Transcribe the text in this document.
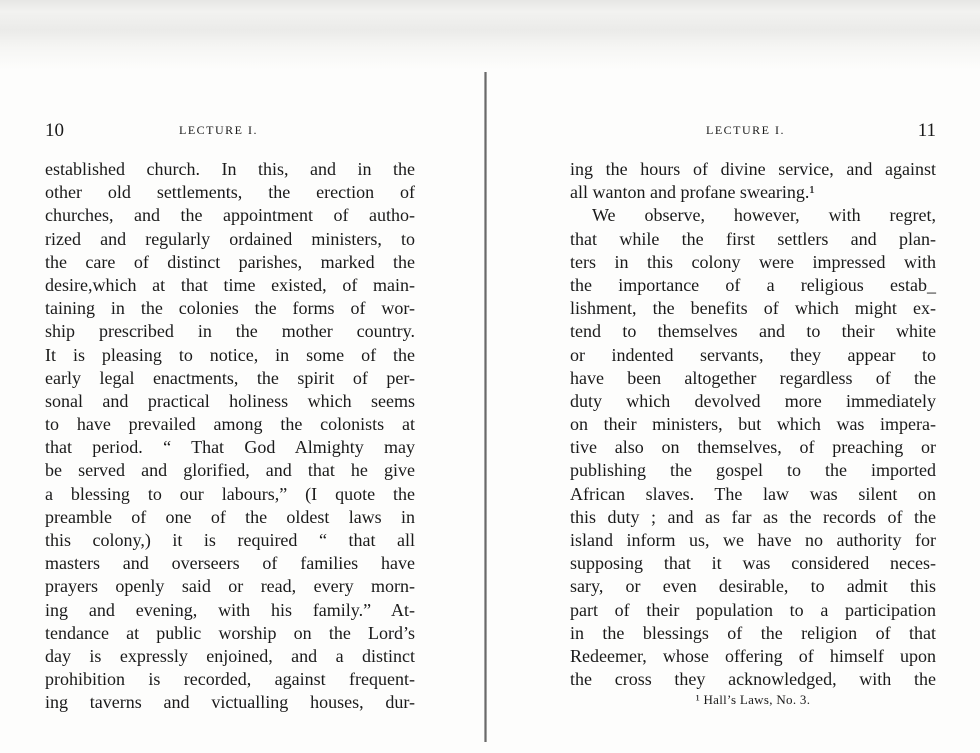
10	LECTURE I.
established church. In this, and in the
other old settlements, the erection of
churches, and the appointment of autho-
rized and regularly ordained ministers, to
the care of distinct parishes, marked the
desire,which at that time existed, of main-
taining in the colonies the forms of wor-
ship prescribed in the mother country.
It is pleasing to notice, in some of the
early legal enactments, the spirit of per-
sonal and practical holiness which seems
to have prevailed among the colonists at
that period. “ That God Almighty may
be served and glorified, and that he give
a blessing to our labours,” (I quote the
preamble of one of the oldest laws in
this colony,) it is required “ that all
masters and overseers of families have
prayers openly said or read, every morn-
ing and evening, with his family.” At-
tendance at public worship on the Lord’s
day is expressly enjoined, and a distinct
prohibition is recorded, against frequent-
ing taverns and victualling houses, dur-
LECTURE I.	11
ing the hours of divine service, and against
all wanton and profane swearing.¹
We observe, however, with regret,
that while the first settlers and plan-
ters in this colony were impressed with
the importance of a religious estab_
lishment, the benefits of which might ex-
tend to themselves and to their white
or indented servants, they appear to
have been altogether regardless of the
duty which devolved more immediately
on their ministers, but which was impera-
tive also on themselves, of preaching or
publishing the gospel to the imported
African slaves. The law was silent on
this duty ; and as far as the records of the
island inform us, we have no authority for
supposing that it was considered neces-
sary, or even desirable, to admit this
part of their population to a participation
in the blessings of the religion of that
Redeemer, whose offering of himself upon
the cross they acknowledged, with the
¹ Hall’s Laws, No. 3.
